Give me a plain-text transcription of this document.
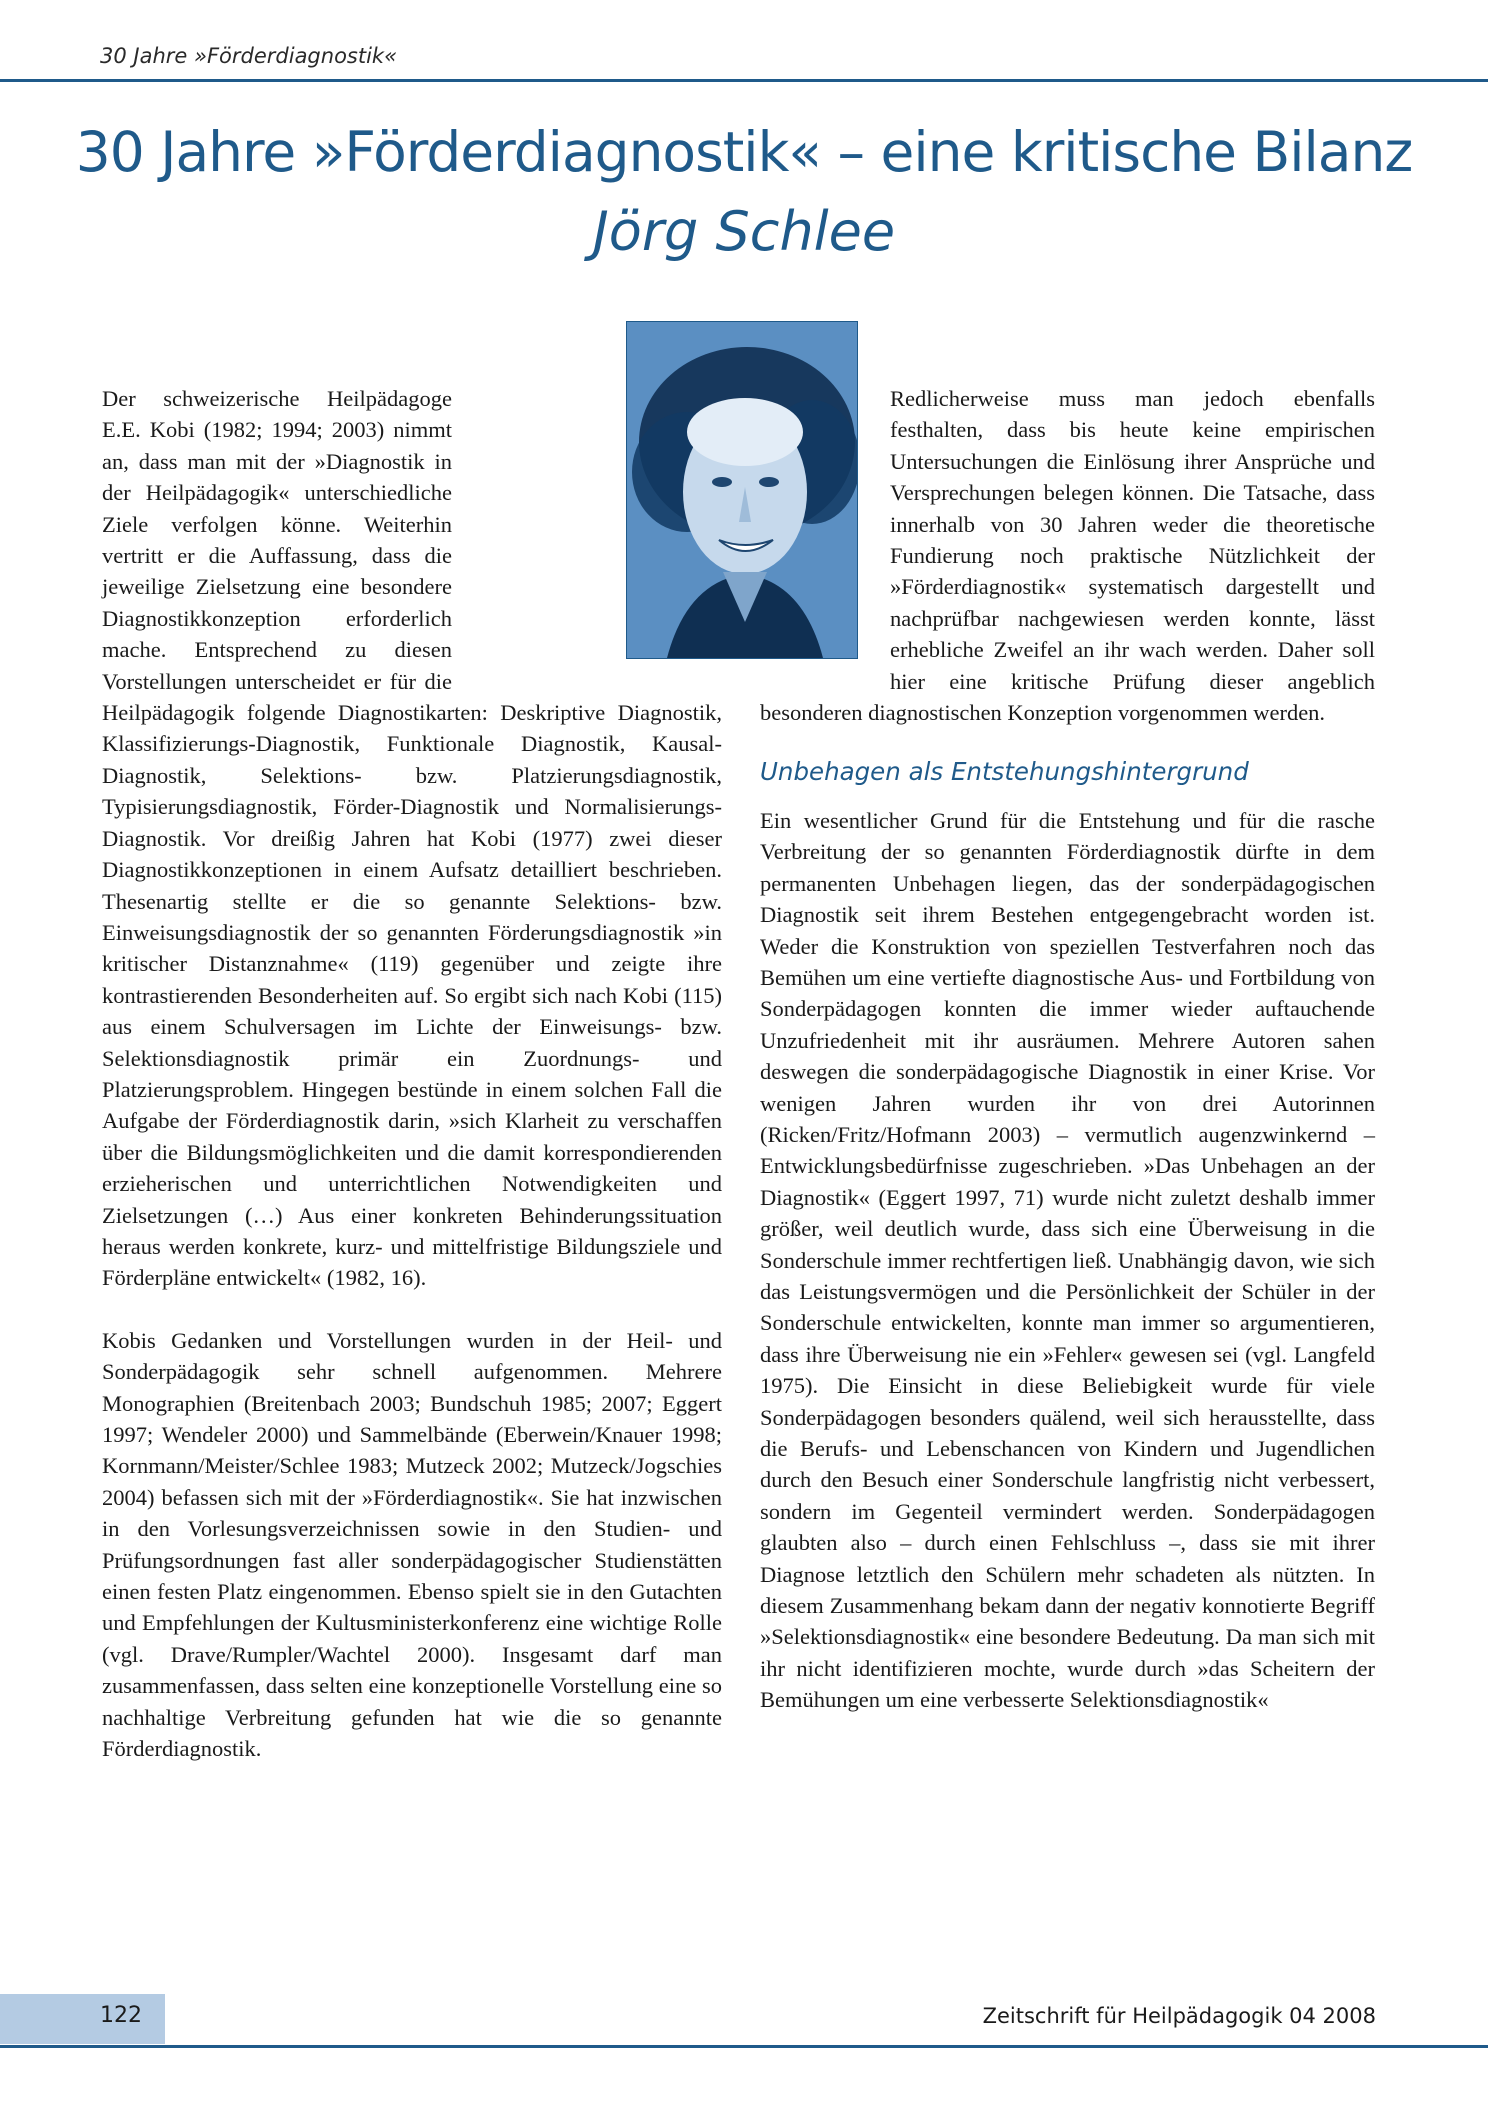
30 Jahre »Förderdiagnostik«
30 Jahre »Förderdiagnostik« – eine kritische Bilanz
Jörg Schlee

Der schweizerische Heilpädagoge E.E. Kobi (1982; 1994; 2003) nimmt an, dass man mit der »Diagnostik in der Heilpädagogik« unterschiedliche Ziele verfolgen könne. Weiterhin vertritt er die Auffassung, dass die jeweilige Zielsetzung eine besondere Diagnostikkonzeption erforderlich mache. Entsprechend zu diesen Vorstellungen unterscheidet er für die Heilpädagogik folgende Diagnostikarten: Deskriptive Diagnostik, Klassifizierungs-Diagnostik, Funktionale Diagnostik, Kausal-Diagnostik, Selektions- bzw. Platzierungsdiagnostik, Typisierungsdiagnostik, Förder-Diagnostik und Normalisierungs-Diagnostik. Vor dreißig Jahren hat Kobi (1977) zwei dieser Diagnostikkonzeptionen in einem Aufsatz detailliert beschrieben. Thesenartig stellte er die so genannte Selektions- bzw. Einweisungsdiagnostik der so genannten Förderungsdiagnostik »in kritischer Distanznahme« (119) gegenüber und zeigte ihre kontrastierenden Besonderheiten auf. So ergibt sich nach Kobi (115) aus einem Schulversagen im Lichte der Einweisungs- bzw. Selektionsdiagnostik primär ein Zuordnungs- und Platzierungsproblem. Hingegen bestünde in einem solchen Fall die Aufgabe der Förderdiagnostik darin, »sich Klarheit zu verschaffen über die Bildungsmöglichkeiten und die damit korrespondierenden erzieherischen und unterrichtlichen Notwendigkeiten und Zielsetzungen (…) Aus einer konkreten Behinderungssituation heraus werden konkrete, kurz- und mittelfristige Bildungsziele und Förderpläne entwickelt« (1982, 16).

Kobis Gedanken und Vorstellungen wurden in der Heil- und Sonderpädagogik sehr schnell aufgenommen. Mehrere Monographien (Breitenbach 2003; Bundschuh 1985; 2007; Eggert 1997; Wendeler 2000) und Sammelbände (Eberwein/Knauer 1998; Kornmann/Meister/Schlee 1983; Mutzeck 2002; Mutzeck/Jogschies 2004) befassen sich mit der »Förderdiagnostik«. Sie hat inzwischen in den Vorlesungsverzeichnissen sowie in den Studien- und Prüfungsordnungen fast aller sonderpädagogischer Studienstätten einen festen Platz eingenommen. Ebenso spielt sie in den Gutachten und Empfehlungen der Kultusministerkonferenz eine wichtige Rolle (vgl. Drave/Rumpler/Wachtel 2000). Insgesamt darf man zusammenfassen, dass selten eine konzeptionelle Vorstellung eine so nachhaltige Verbreitung gefunden hat wie die so genannte Förderdiagnostik.

Redlicherweise muss man jedoch ebenfalls festhalten, dass bis heute keine empirischen Untersuchungen die Einlösung ihrer Ansprüche und Versprechungen belegen können. Die Tatsache, dass innerhalb von 30 Jahren weder die theoretische Fundierung noch praktische Nützlichkeit der »Förderdiagnostik« systematisch dargestellt und nachprüfbar nachgewiesen werden konnte, lässt erhebliche Zweifel an ihr wach werden. Daher soll hier eine kritische Prüfung dieser angeblich besonderen diagnostischen Konzeption vorgenommen werden.

Unbehagen als Entstehungshintergrund

Ein wesentlicher Grund für die Entstehung und für die rasche Verbreitung der so genannten Förderdiagnostik dürfte in dem permanenten Unbehagen liegen, das der sonderpädagogischen Diagnostik seit ihrem Bestehen entgegengebracht worden ist. Weder die Konstruktion von speziellen Testverfahren noch das Bemühen um eine vertiefte diagnostische Aus- und Fortbildung von Sonderpädagogen konnten die immer wieder auftauchende Unzufriedenheit mit ihr ausräumen. Mehrere Autoren sahen deswegen die sonderpädagogische Diagnostik in einer Krise. Vor wenigen Jahren wurden ihr von drei Autorinnen (Ricken/Fritz/Hofmann 2003) – vermutlich augenzwinkernd – Entwicklungsbedürfnisse zugeschrieben. »Das Unbehagen an der Diagnostik« (Eggert 1997, 71) wurde nicht zuletzt deshalb immer größer, weil deutlich wurde, dass sich eine Überweisung in die Sonderschule immer rechtfertigen ließ. Unabhängig davon, wie sich das Leistungsvermögen und die Persönlichkeit der Schüler in der Sonderschule entwickelten, konnte man immer so argumentieren, dass ihre Überweisung nie ein »Fehler« gewesen sei (vgl. Langfeld 1975). Die Einsicht in diese Beliebigkeit wurde für viele Sonderpädagogen besonders quälend, weil sich herausstellte, dass die Berufs- und Lebenschancen von Kindern und Jugendlichen durch den Besuch einer Sonderschule langfristig nicht verbessert, sondern im Gegenteil vermindert werden. Sonderpädagogen glaubten also – durch einen Fehlschluss –, dass sie mit ihrer Diagnose letztlich den Schülern mehr schadeten als nützten. In diesem Zusammenhang bekam dann der negativ konnotierte Begriff »Selektionsdiagnostik« eine besondere Bedeutung. Da man sich mit ihr nicht identifizieren mochte, wurde durch »das Scheitern der Bemühungen um eine verbesserte Selektionsdiagnostik«

122	Zeitschrift für Heilpädagogik 04 2008
